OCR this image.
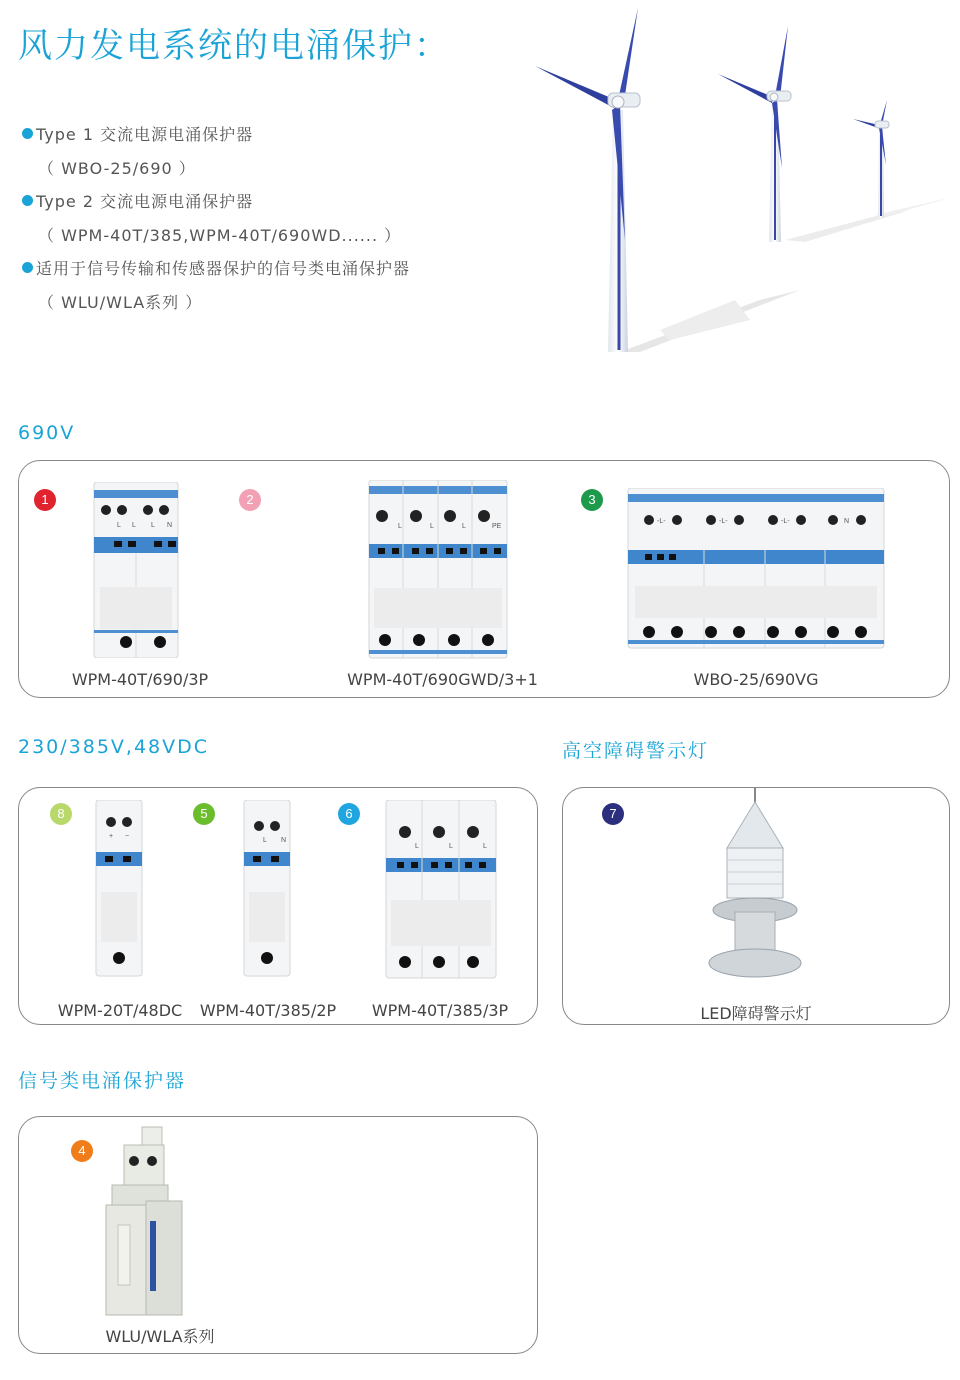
风力发电系统的电涌保护：
Type 1 交流电源电涌保护器
（ WBO-25/690 ）
Type 2 交流电源电涌保护器
（ WPM-40T/385,WPM-40T/690WD...... ）
适用于信号传输和传感器保护的信号类电涌保护器
（ WLU/WLA系列 ）
690V
1	2	3
L L L N	L	L	L	PE
-L-	-L-	-L-	N
WPM-40T/690/3P	WPM-40T/690GWD/3+1	WBO-25/690VG
230/385V,48VDC
8	5	6
+ −
L N
L	L	L
WPM-20T/48DC	WPM-40T/385/2P	WPM-40T/385/3P
高空障碍警示灯
7
LED障碍警示灯
信号类电涌保护器
4
WLU/WLA系列
